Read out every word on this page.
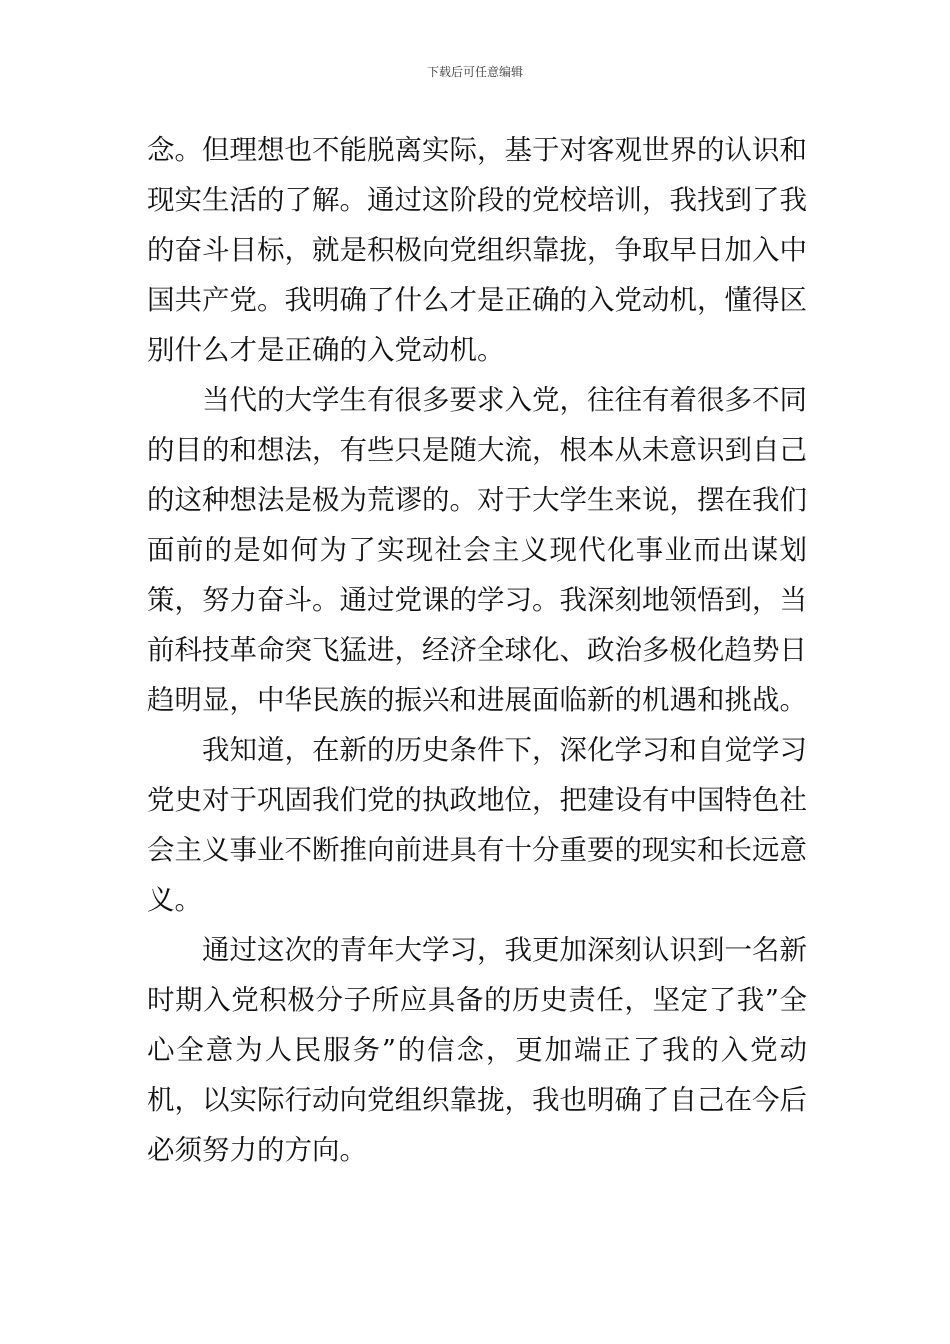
下载后可任意编辑

念。但理想也不能脱离实际，基于对客观世界的认识和现实生活的了解。通过这阶段的党校培训，我找到了我的奋斗目标，就是积极向党组织靠拢，争取早日加入中国共产党。我明确了什么才是正确的入党动机，懂得区别什么才是正确的入党动机。

当代的大学生有很多要求入党，往往有着很多不同的目的和想法，有些只是随大流，根本从未意识到自己的这种想法是极为荒谬的。对于大学生来说，摆在我们面前的是如何为了实现社会主义现代化事业而出谋划策，努力奋斗。通过党课的学习。我深刻地领悟到，当前科技革命突飞猛进，经济全球化、政治多极化趋势日趋明显，中华民族的振兴和进展面临新的机遇和挑战。

我知道，在新的历史条件下，深化学习和自觉学习党史对于巩固我们党的执政地位，把建设有中国特色社会主义事业不断推向前进具有十分重要的现实和长远意义。

通过这次的青年大学习，我更加深刻认识到一名新时期入党积极分子所应具备的历史责任，坚定了我”全心全意为人民服务”的信念，更加端正了我的入党动机，以实际行动向党组织靠拢，我也明确了自己在今后必须努力的方向。
